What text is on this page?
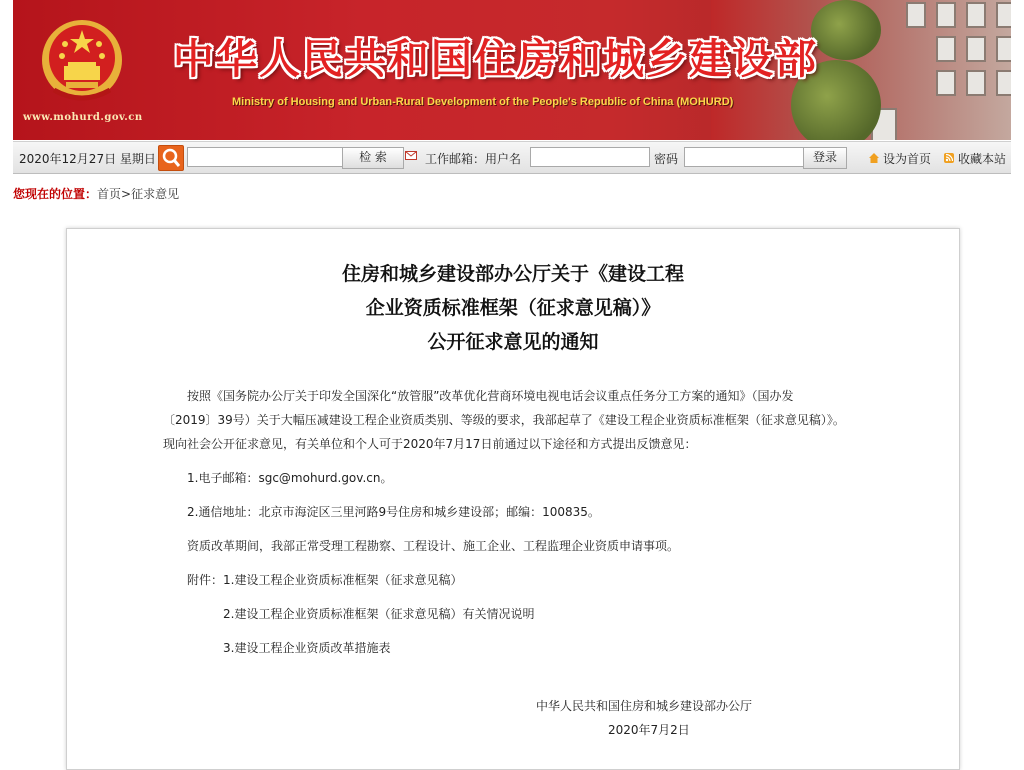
www.mohurd.gov.cn
中华人民共和国住房和城乡建设部
Ministry of Housing and Urban-Rural Development of the People's Republic of China (MOHURD)
2020年12月27日 星期日	检 索	工作邮箱：用户名	密码	登录	设为首页	收藏本站
您现在的位置：首页>征求意见
住房和城乡建设部办公厅关于《建设工程
企业资质标准框架（征求意见稿）》
公开征求意见的通知
按照《国务院办公厅关于印发全国深化“放管服”改革优化营商环境电视电话会议重点任务分工方案的通知》（国办发
〔2019〕39号）关于大幅压减建设工程企业资质类别、等级的要求，我部起草了《建设工程企业资质标准框架（征求意见稿）》。
现向社会公开征求意见，有关单位和个人可于2020年7月17日前通过以下途径和方式提出反馈意见：
1.电子邮箱：sgc@mohurd.gov.cn。
2.通信地址：北京市海淀区三里河路9号住房和城乡建设部；邮编：100835。
资质改革期间，我部正常受理工程勘察、工程设计、施工企业、工程监理企业资质申请事项。
附件： 1.建设工程企业资质标准框架（征求意见稿）
2.建设工程企业资质标准框架（征求意见稿）有关情况说明
3.建设工程企业资质改革措施表
中华人民共和国住房和城乡建设部办公厅
2020年7月2日
